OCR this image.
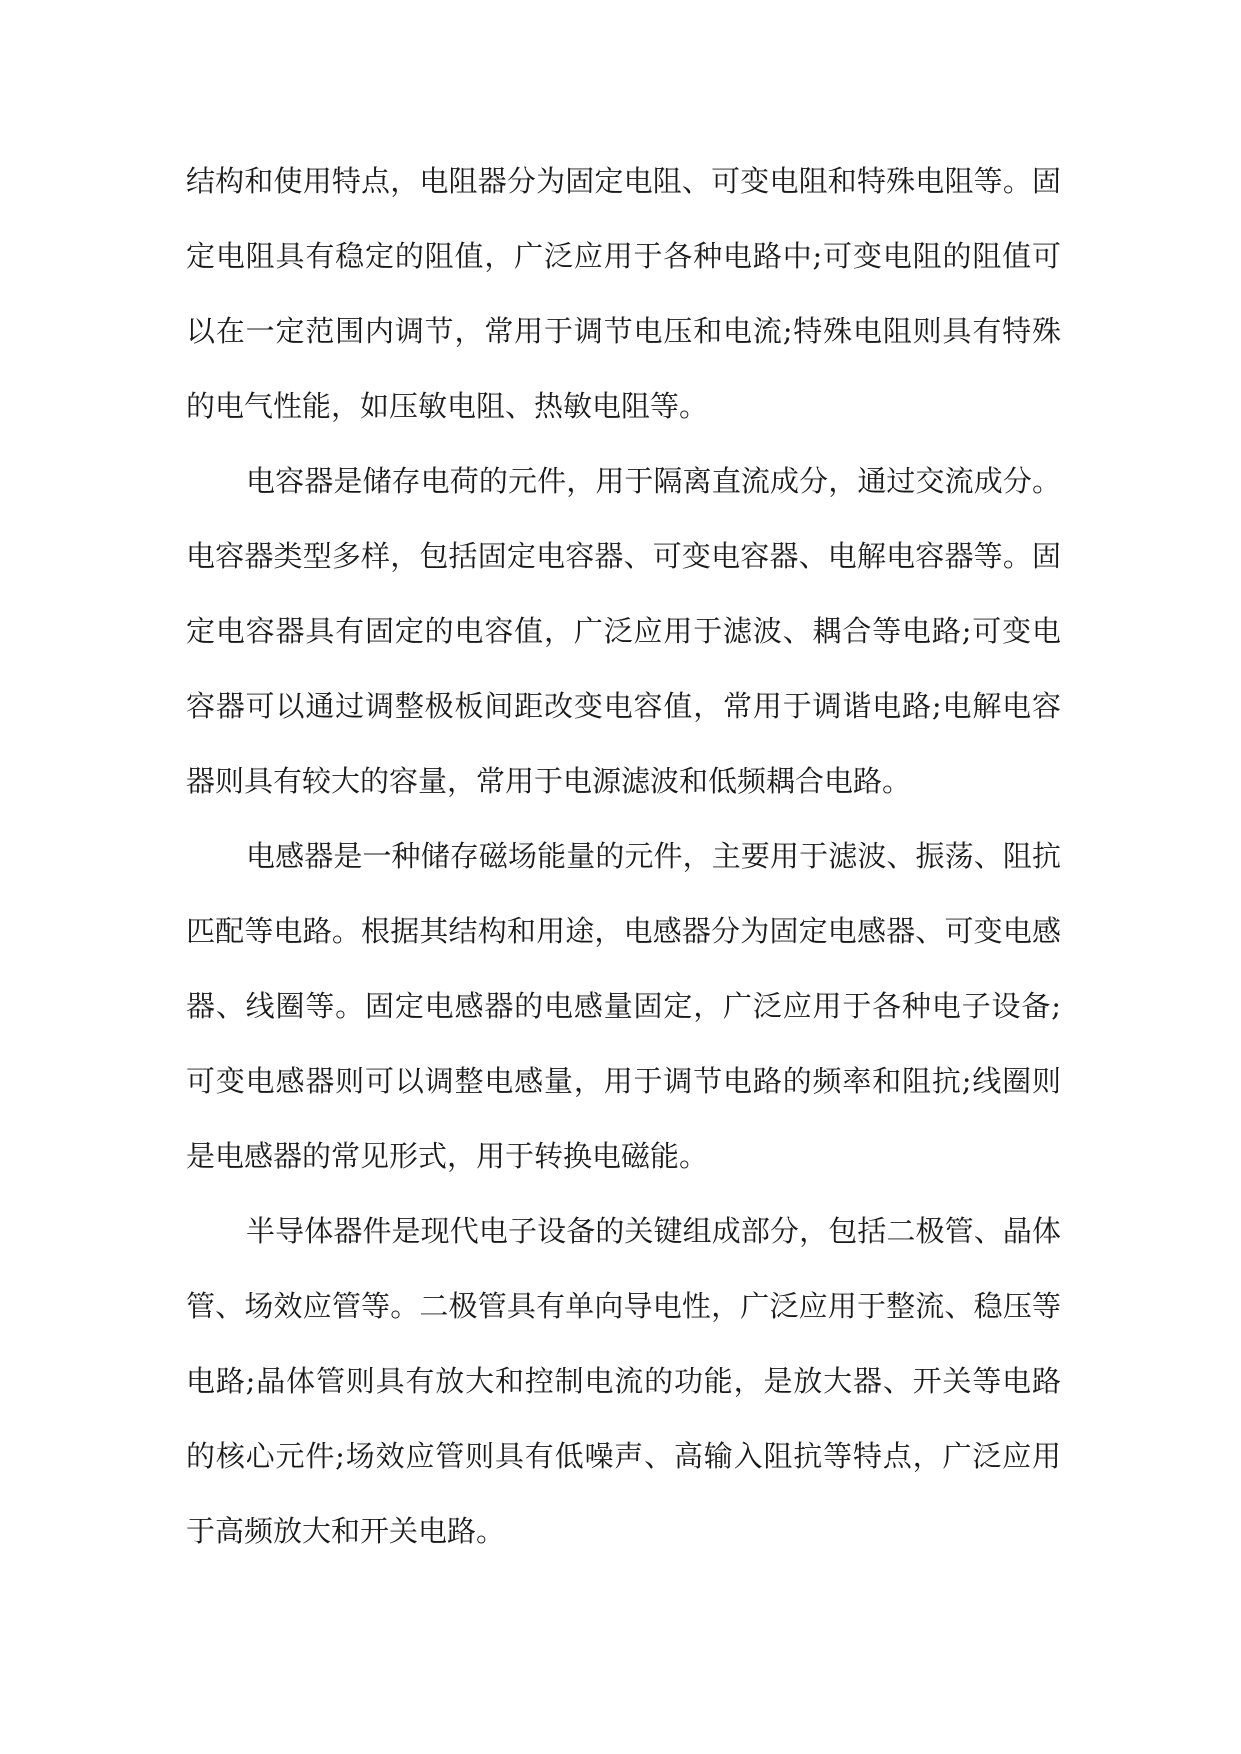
结构和使用特点，电阻器分为固定电阻、可变电阻和特殊电阻等。固
定电阻具有稳定的阻值，广泛应用于各种电路中;可变电阻的阻值可
以在一定范围内调节，常用于调节电压和电流;特殊电阻则具有特殊
的电气性能，如压敏电阻、热敏电阻等。
电容器是储存电荷的元件，用于隔离直流成分，通过交流成分。
电容器类型多样，包括固定电容器、可变电容器、电解电容器等。固
定电容器具有固定的电容值，广泛应用于滤波、耦合等电路;可变电
容器可以通过调整极板间距改变电容值，常用于调谐电路;电解电容
器则具有较大的容量，常用于电源滤波和低频耦合电路。
电感器是一种储存磁场能量的元件，主要用于滤波、振荡、阻抗
匹配等电路。根据其结构和用途，电感器分为固定电感器、可变电感
器、线圈等。固定电感器的电感量固定，广泛应用于各种电子设备;
可变电感器则可以调整电感量，用于调节电路的频率和阻抗;线圈则
是电感器的常见形式，用于转换电磁能。
半导体器件是现代电子设备的关键组成部分，包括二极管、晶体
管、场效应管等。二极管具有单向导电性，广泛应用于整流、稳压等
电路;晶体管则具有放大和控制电流的功能，是放大器、开关等电路
的核心元件;场效应管则具有低噪声、高输入阻抗等特点，广泛应用
于高频放大和开关电路。
